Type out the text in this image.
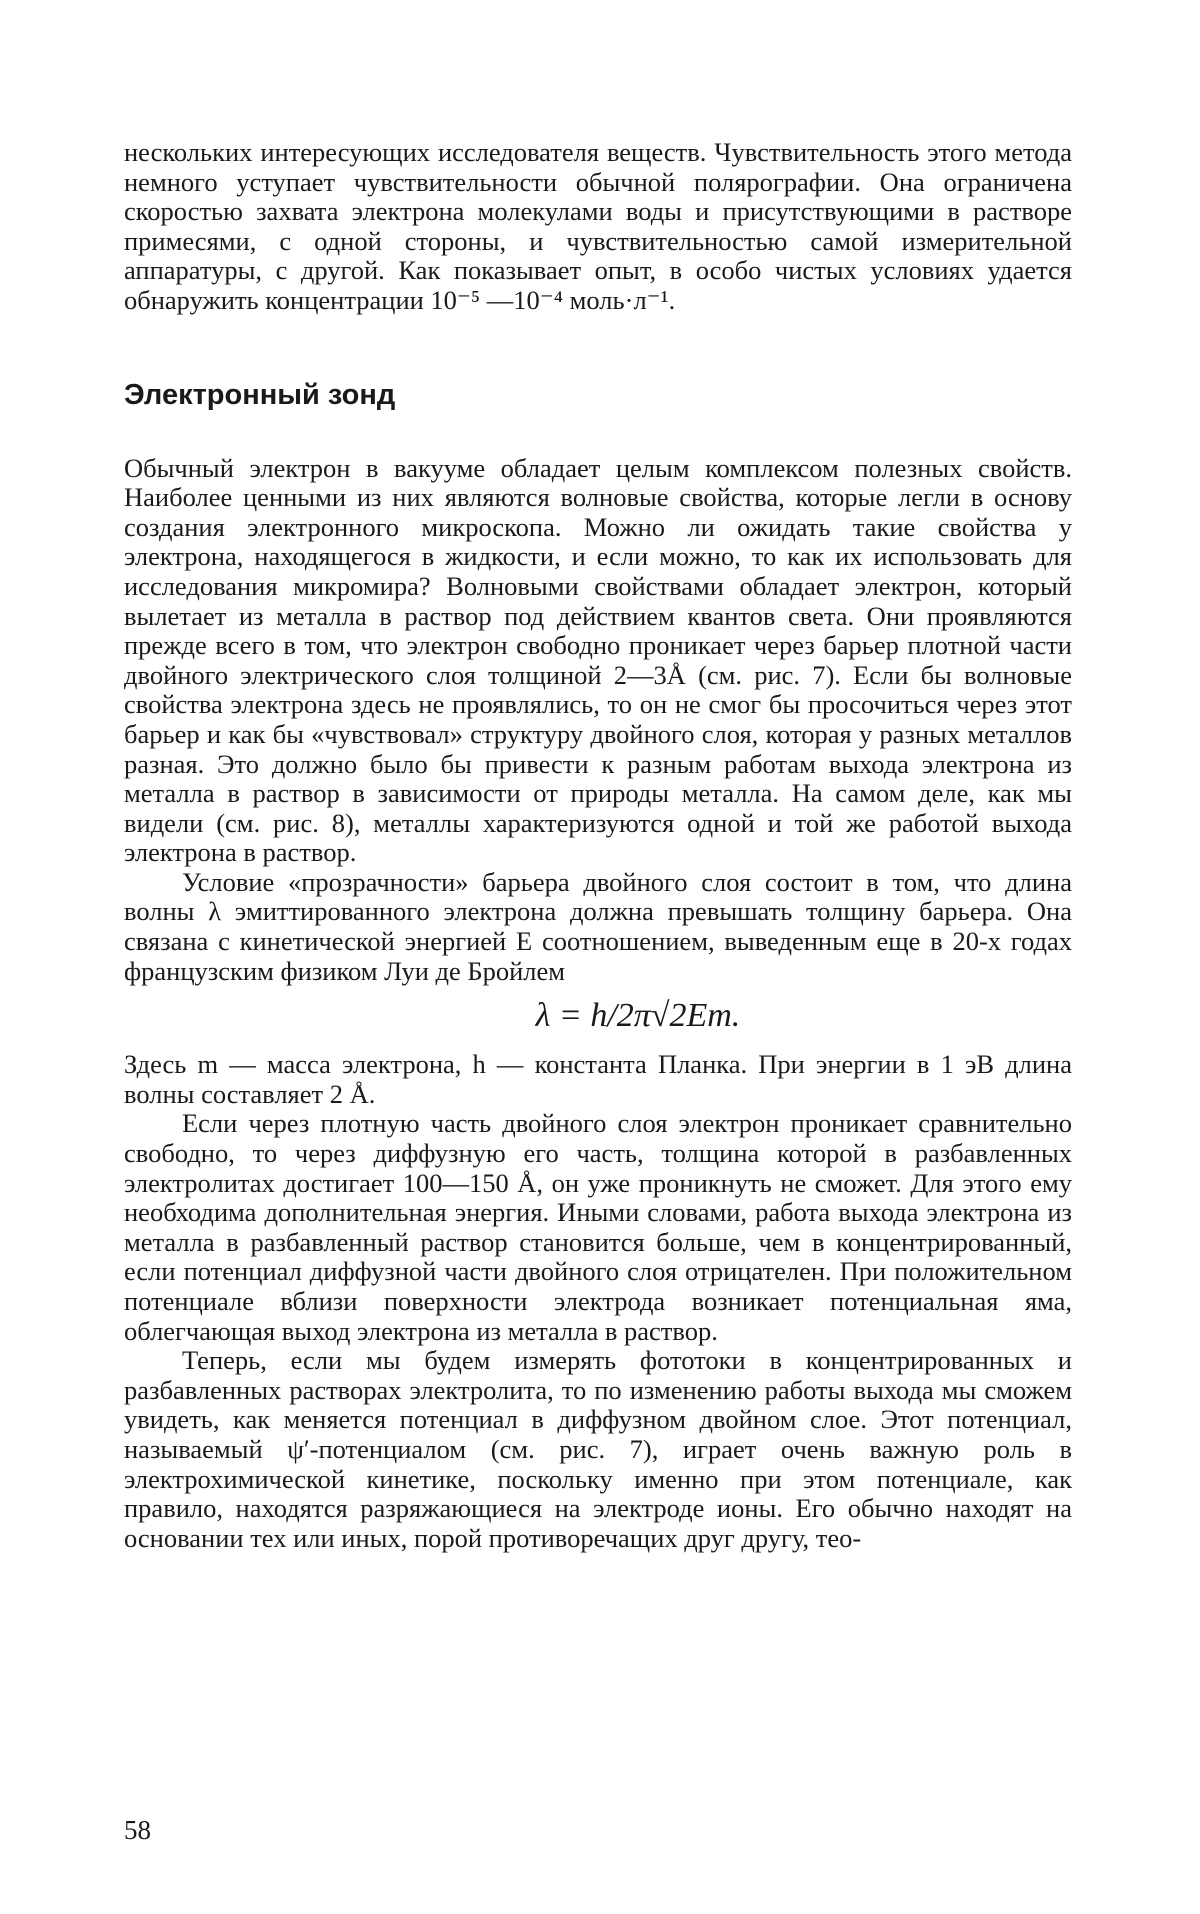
нескольких интересующих исследователя веществ. Чувствительность этого метода немного уступает чувствительности обычной полярографии. Она ограничена скоростью захвата электрона молекулами воды и присутствующими в растворе примесями, с одной стороны, и чувствительностью самой измерительной аппаратуры, с другой. Как показывает опыт, в особо чистых условиях удается обнаружить концентрации 10⁻⁵ —10⁻⁴ моль·л⁻¹.

Электронный зонд

Обычный электрон в вакууме обладает целым комплексом полезных свойств. Наиболее ценными из них являются волновые свойства, которые легли в основу создания электронного микроскопа. Можно ли ожидать такие свойства у электрона, находящегося в жидкости, и если можно, то как их использовать для исследования микромира? Волновыми свойствами обладает электрон, который вылетает из металла в раствор под действием квантов света. Они проявляются прежде всего в том, что электрон свободно проникает через барьер плотной части двойного электрического слоя толщиной 2—3Å (см. рис. 7). Если бы волновые свойства электрона здесь не проявлялись, то он не смог бы просочиться через этот барьер и как бы «чувствовал» структуру двойного слоя, которая у разных металлов разная. Это должно было бы привести к разным работам выхода электрона из металла в раствор в зависимости от природы металла. На самом деле, как мы видели (см. рис. 8), металлы характеризуются одной и той же работой выхода электрона в раствор.

Условие «прозрачности» барьера двойного слоя состоит в том, что длина волны λ эмиттированного электрона должна превышать толщину барьера. Она связана с кинетической энергией E соотношением, выведенным еще в 20-х годах французским физиком Луи де Бройлем

λ = h/2π√2Em.

Здесь m — масса электрона, h — константа Планка. При энергии в 1 эВ длина волны составляет 2 Å.

Если через плотную часть двойного слоя электрон проникает сравнительно свободно, то через диффузную его часть, толщина которой в разбавленных электролитах достигает 100—150 Å, он уже проникнуть не сможет. Для этого ему необходима дополнительная энергия. Иными словами, работа выхода электрона из металла в разбавленный раствор становится больше, чем в концентрированный, если потенциал диффузной части двойного слоя отрицателен. При положительном потенциале вблизи поверхности электрода возникает потенциальная яма, облегчающая выход электрона из металла в раствор.

Теперь, если мы будем измерять фототоки в концентрированных и разбавленных растворах электролита, то по изменению работы выхода мы сможем увидеть, как меняется потенциал в диффузном двойном слое. Этот потенциал, называемый ψ′-потенциалом (см. рис. 7), играет очень важную роль в электрохимической кинетике, поскольку именно при этом потенциале, как правило, находятся разряжающиеся на электроде ионы. Его обычно находят на основании тех или иных, порой противоречащих друг другу, тео-

58
